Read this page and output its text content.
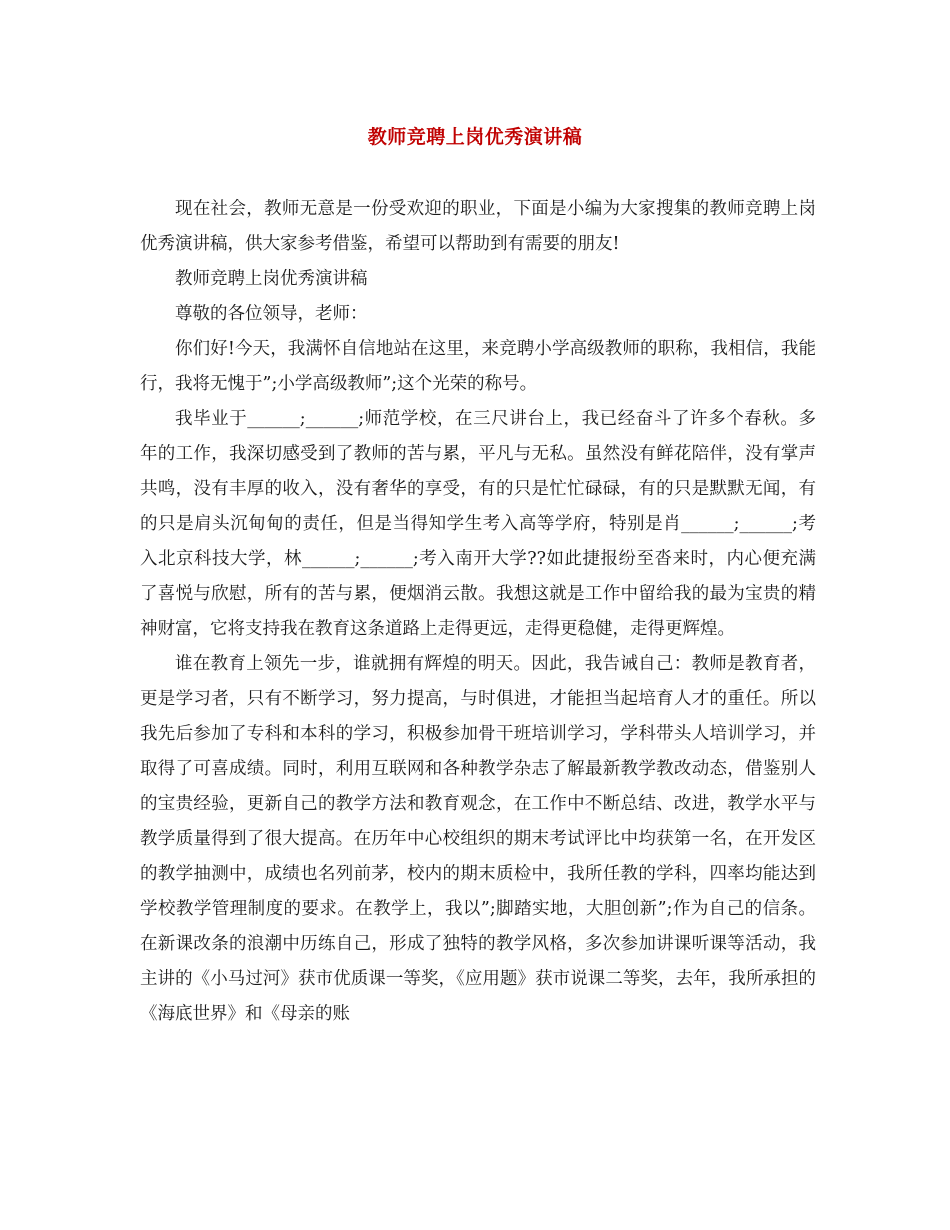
教师竞聘上岗优秀演讲稿

现在社会，教师无意是一份受欢迎的职业，下面是小编为大家搜集的教师竞聘上岗优秀演讲稿，供大家参考借鉴，希望可以帮助到有需要的朋友!

教师竞聘上岗优秀演讲稿

尊敬的各位领导，老师：

你们好!今天，我满怀自信地站在这里，来竞聘小学高级教师的职称，我相信，我能行，我将无愧于”;小学高级教师”;这个光荣的称号。

我毕业于______;______;师范学校，在三尺讲台上，我已经奋斗了许多个春秋。多年的工作，我深切感受到了教师的苦与累，平凡与无私。虽然没有鲜花陪伴，没有掌声共鸣，没有丰厚的收入，没有奢华的享受，有的只是忙忙碌碌，有的只是默默无闻，有的只是肩头沉甸甸的责任，但是当得知学生考入高等学府，特别是肖______;______;考入北京科技大学，林______;______;考入南开大学??如此捷报纷至沓来时，内心便充满了喜悦与欣慰，所有的苦与累，便烟消云散。我想这就是工作中留给我的最为宝贵的精神财富，它将支持我在教育这条道路上走得更远，走得更稳健，走得更辉煌。

谁在教育上领先一步，谁就拥有辉煌的明天。因此，我告诫自己：教师是教育者，更是学习者，只有不断学习，努力提高，与时俱进，才能担当起培育人才的重任。所以我先后参加了专科和本科的学习，积极参加骨干班培训学习，学科带头人培训学习，并取得了可喜成绩。同时，利用互联网和各种教学杂志了解最新教学教改动态，借鉴别人的宝贵经验，更新自己的教学方法和教育观念，在工作中不断总结、改进，教学水平与教学质量得到了很大提高。在历年中心校组织的期末考试评比中均获第一名，在开发区的教学抽测中，成绩也名列前茅，校内的期末质检中，我所任教的学科，四率均能达到学校教学管理制度的要求。在教学上，我以”;脚踏实地，大胆创新”;作为自己的信条。在新课改条的浪潮中历练自己，形成了独特的教学风格，多次参加讲课听课等活动，我主讲的《小马过河》获市优质课一等奖，《应用题》获市说课二等奖，去年，我所承担的《海底世界》和《母亲的账
